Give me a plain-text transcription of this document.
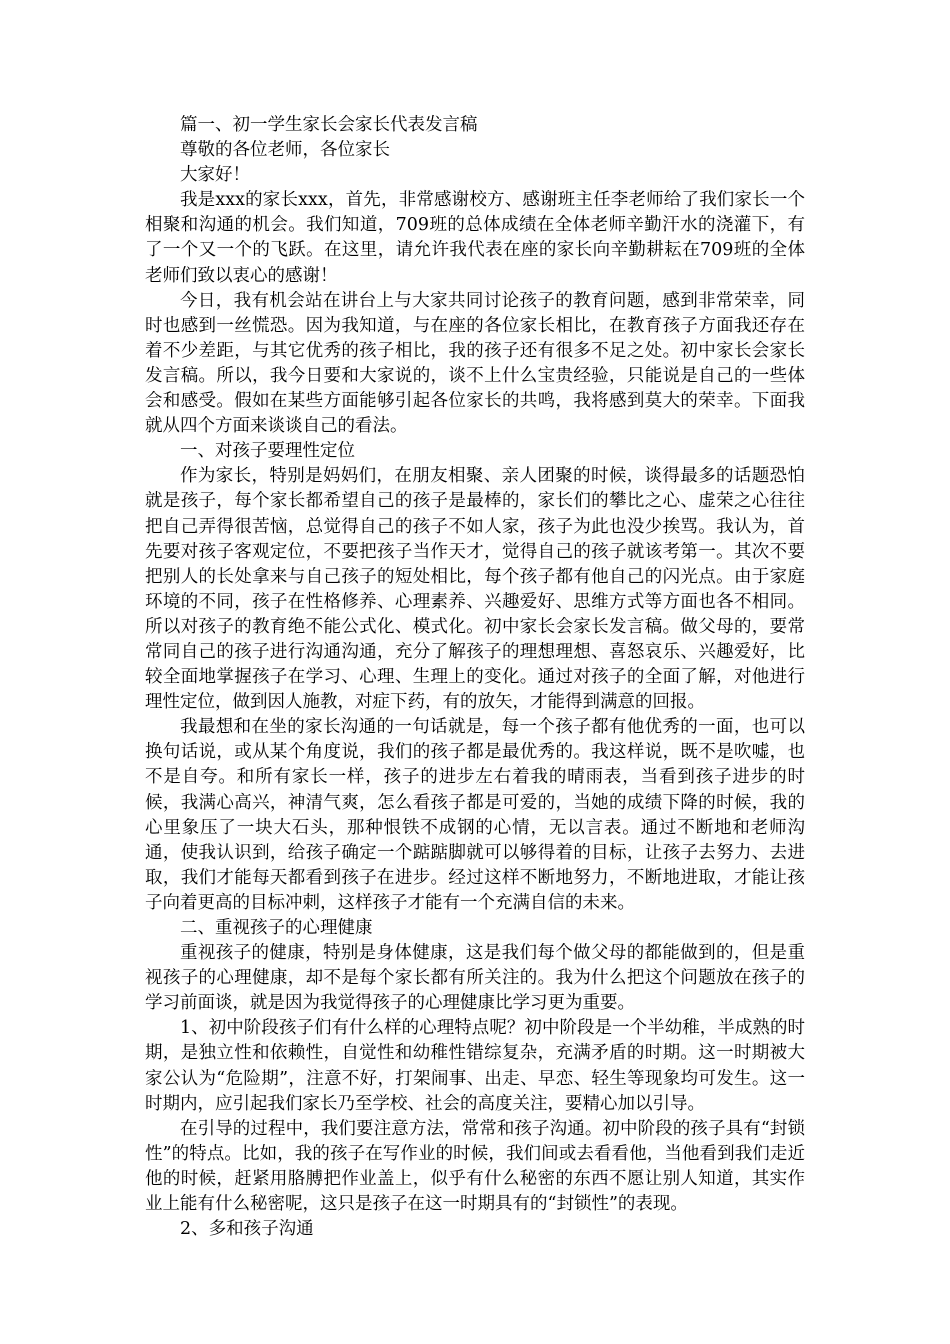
篇一、初一学生家长会家长代表发言稿

尊敬的各位老师，各位家长

大家好！

我是xxx的家长xxx，首先，非常感谢校方、感谢班主任李老师给了我们家长一个相聚和沟通的机会。我们知道，709班的总体成绩在全体老师辛勤汗水的浇灌下，有了一个又一个的飞跃。在这里，请允许我代表在座的家长向辛勤耕耘在709班的全体老师们致以衷心的感谢！

今日，我有机会站在讲台上与大家共同讨论孩子的教育问题，感到非常荣幸，同时也感到一丝慌恐。因为我知道，与在座的各位家长相比，在教育孩子方面我还存在着不少差距，与其它优秀的孩子相比，我的孩子还有很多不足之处。初中家长会家长发言稿。所以，我今日要和大家说的，谈不上什么宝贵经验，只能说是自己的一些体会和感受。假如在某些方面能够引起各位家长的共鸣，我将感到莫大的荣幸。下面我就从四个方面来谈谈自己的看法。

一、对孩子要理性定位

作为家长，特别是妈妈们，在朋友相聚、亲人团聚的时候，谈得最多的话题恐怕就是孩子，每个家长都希望自己的孩子是最棒的，家长们的攀比之心、虚荣之心往往把自己弄得很苦恼，总觉得自己的孩子不如人家，孩子为此也没少挨骂。我认为，首先要对孩子客观定位，不要把孩子当作天才，觉得自己的孩子就该考第一。其次不要把别人的长处拿来与自己孩子的短处相比，每个孩子都有他自己的闪光点。由于家庭环境的不同，孩子在性格修养、心理素养、兴趣爱好、思维方式等方面也各不相同。所以对孩子的教育绝不能公式化、模式化。初中家长会家长发言稿。做父母的，要常常同自己的孩子进行沟通沟通，充分了解孩子的理想理想、喜怒哀乐、兴趣爱好，比较全面地掌握孩子在学习、心理、生理上的变化。通过对孩子的全面了解，对他进行理性定位，做到因人施教，对症下药，有的放矢，才能得到满意的回报。

我最想和在坐的家长沟通的一句话就是，每一个孩子都有他优秀的一面，也可以换句话说，或从某个角度说，我们的孩子都是最优秀的。我这样说，既不是吹嘘，也不是自夸。和所有家长一样，孩子的进步左右着我的晴雨表，当看到孩子进步的时候，我满心高兴，神清气爽，怎么看孩子都是可爱的，当她的成绩下降的时候，我的心里象压了一块大石头，那种恨铁不成钢的心情，无以言表。通过不断地和老师沟通，使我认识到，给孩子确定一个踮踮脚就可以够得着的目标，让孩子去努力、去进取，我们才能每天都看到孩子在进步。经过这样不断地努力，不断地进取，才能让孩子向着更高的目标冲刺，这样孩子才能有一个充满自信的未来。

二、重视孩子的心理健康

重视孩子的健康，特别是身体健康，这是我们每个做父母的都能做到的，但是重视孩子的心理健康，却不是每个家长都有所关注的。我为什么把这个问题放在孩子的学习前面谈，就是因为我觉得孩子的心理健康比学习更为重要。

1、初中阶段孩子们有什么样的心理特点呢？初中阶段是一个半幼稚，半成熟的时期，是独立性和依赖性，自觉性和幼稚性错综复杂，充满矛盾的时期。这一时期被大家公认为“危险期”，注意不好，打架闹事、出走、早恋、轻生等现象均可发生。这一时期内，应引起我们家长乃至学校、社会的高度关注，要精心加以引导。

在引导的过程中，我们要注意方法，常常和孩子沟通。初中阶段的孩子具有“封锁性”的特点。比如，我的孩子在写作业的时候，我们间或去看看他，当他看到我们走近他的时候，赶紧用胳膊把作业盖上，似乎有什么秘密的东西不愿让别人知道，其实作业上能有什么秘密呢，这只是孩子在这一时期具有的“封锁性”的表现。

2、多和孩子沟通
